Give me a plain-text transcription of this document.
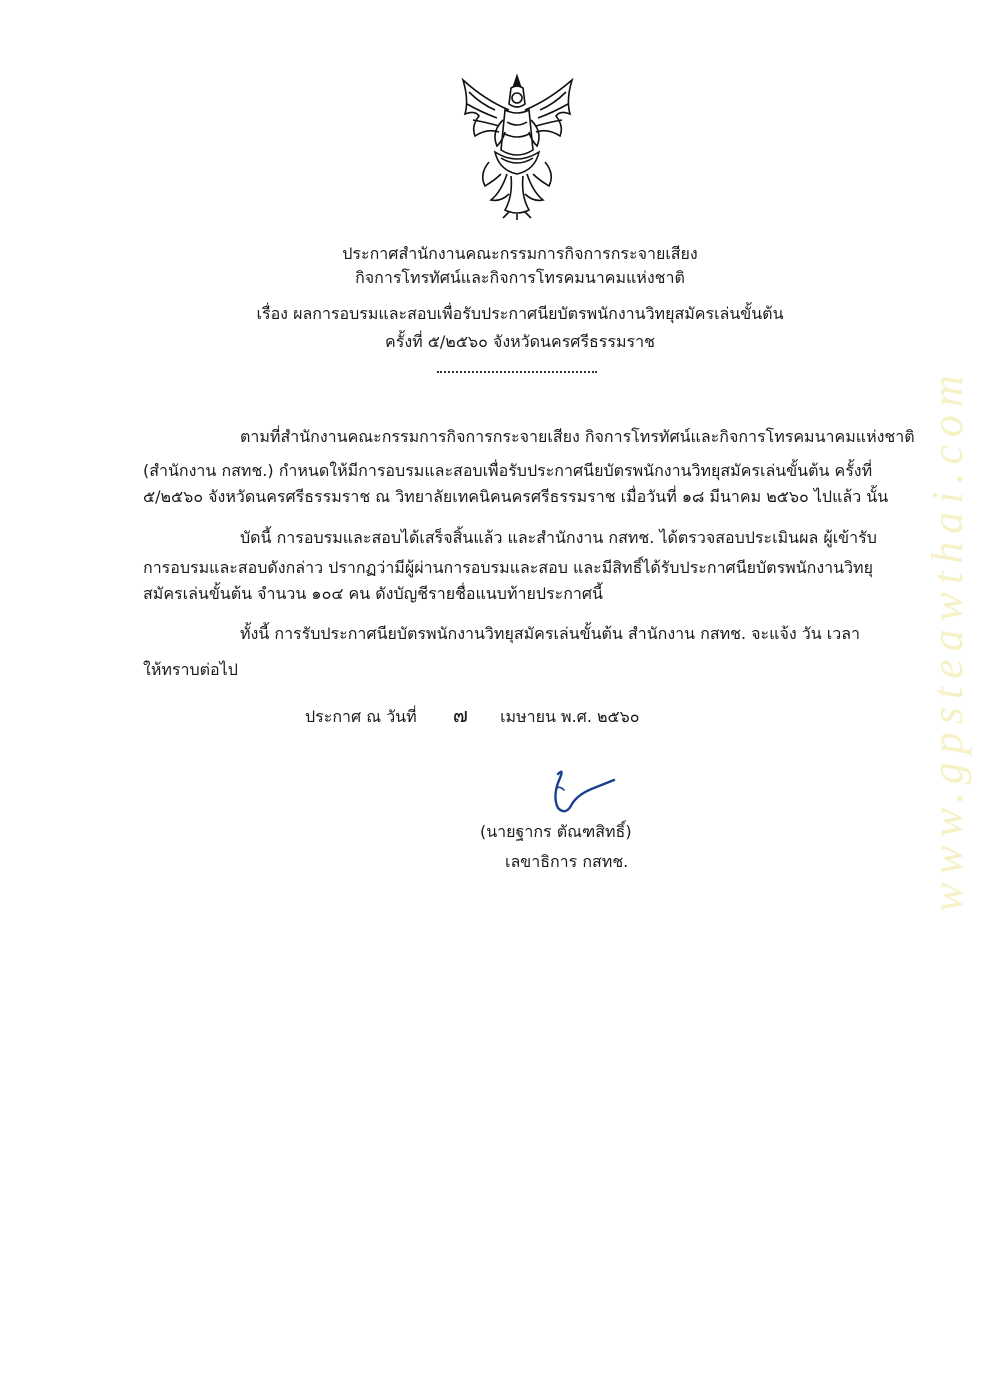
ประกาศสำนักงานคณะกรรมการกิจการกระจายเสียง
กิจการโทรทัศน์และกิจการโทรคมนาคมแห่งชาติ
เรื่อง ผลการอบรมและสอบเพื่อรับประกาศนียบัตรพนักงานวิทยุสมัครเล่นขั้นต้น
ครั้งที่ ๕/๒๕๖๐ จังหวัดนครศรีธรรมราช
ตามที่สำนักงานคณะกรรมการกิจการกระจายเสียง กิจการโทรทัศน์และกิจการโทรคมนาคมแห่งชาติ
(สำนักงาน กสทช.) กำหนดให้มีการอบรมและสอบเพื่อรับประกาศนียบัตรพนักงานวิทยุสมัครเล่นขั้นต้น ครั้งที่
๕/๒๕๖๐ จังหวัดนครศรีธรรมราช ณ วิทยาลัยเทคนิคนครศรีธรรมราช เมื่อวันที่ ๑๘ มีนาคม ๒๕๖๐ ไปแล้ว นั้น
บัดนี้ การอบรมและสอบได้เสร็จสิ้นแล้ว และสำนักงาน กสทช. ได้ตรวจสอบประเมินผล ผู้เข้ารับ
การอบรมและสอบดังกล่าว ปรากฏว่ามีผู้ผ่านการอบรมและสอบ และมีสิทธิ์ได้รับประกาศนียบัตรพนักงานวิทยุ
สมัครเล่นขั้นต้น จำนวน ๑๐๔ คน ดังบัญชีรายชื่อแนบท้ายประกาศนี้
ทั้งนี้ การรับประกาศนียบัตรพนักงานวิทยุสมัครเล่นขั้นต้น สำนักงาน กสทช. จะแจ้ง วัน เวลา
ให้ทราบต่อไป
ประกาศ ณ วันที่ ๗ เมษายน พ.ศ. ๒๕๖๐
(นายฐากร ตัณฑสิทธิ์)
เลขาธิการ กสทช.	www.gpsteawthai.com
